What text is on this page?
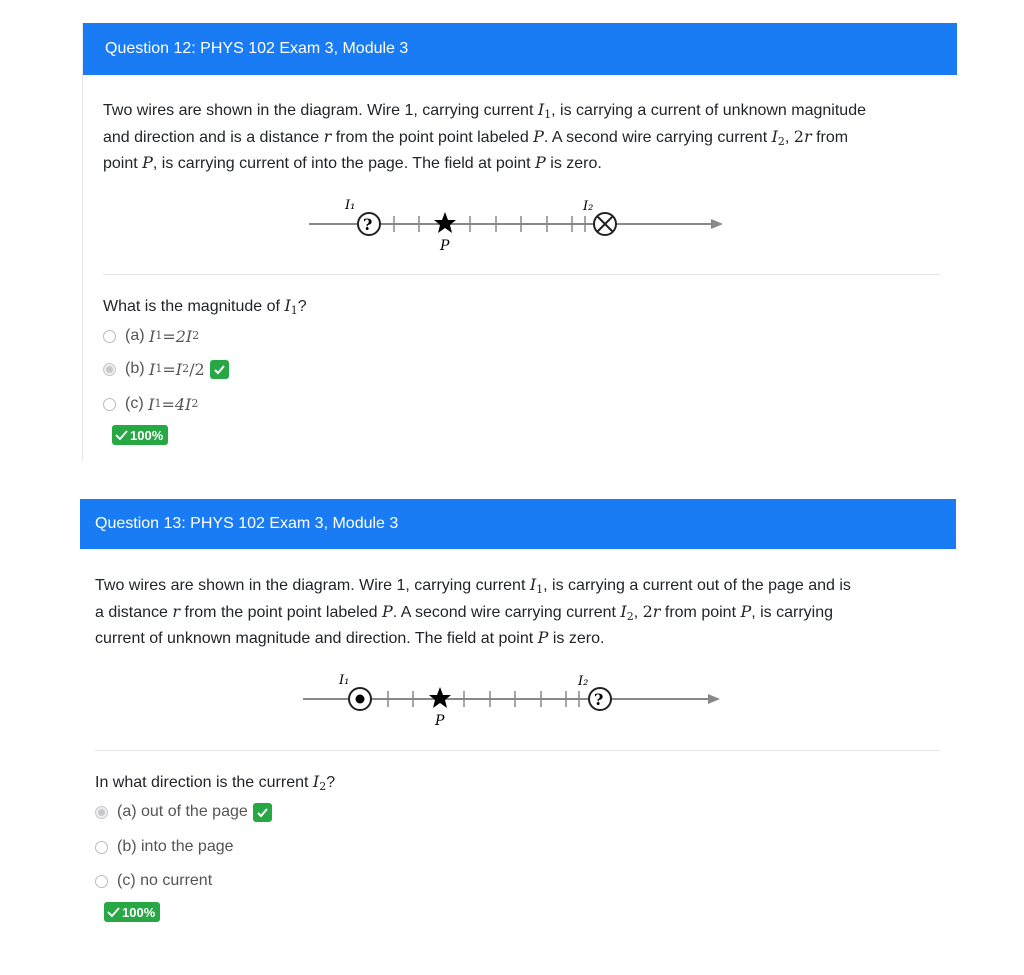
Question 12: PHYS 102 Exam 3, Module 3
Two wires are shown in the diagram. Wire 1, carrying current $I_1$, is carrying a current of unknown magnitude
and direction and is a distance r from the point point labeled P. A second wire carrying current $I_2$, 2r from
point P, is carrying current of into the page. The field at point P is zero.
I₁
?
P
I₂
What is the magnitude of $I_1$?
(a)
I 1 = 2I 2
(b)
I 1 = I 2 /2
(c)
I 1 = 4I 2
100%
Question 13: PHYS 102 Exam 3, Module 3
Two wires are shown in the diagram. Wire 1, carrying current $I_1$, is carrying a current out of the page and is
a distance r from the point point labeled P. A second wire carrying current $I_2$, 2r from point P, is carrying
current of unknown magnitude and direction. The field at point P is zero.
I₁
P
I₂
?
In what direction is the current $I_2$?
(a) out of the page
(b) into the page
(c) no current
100%
